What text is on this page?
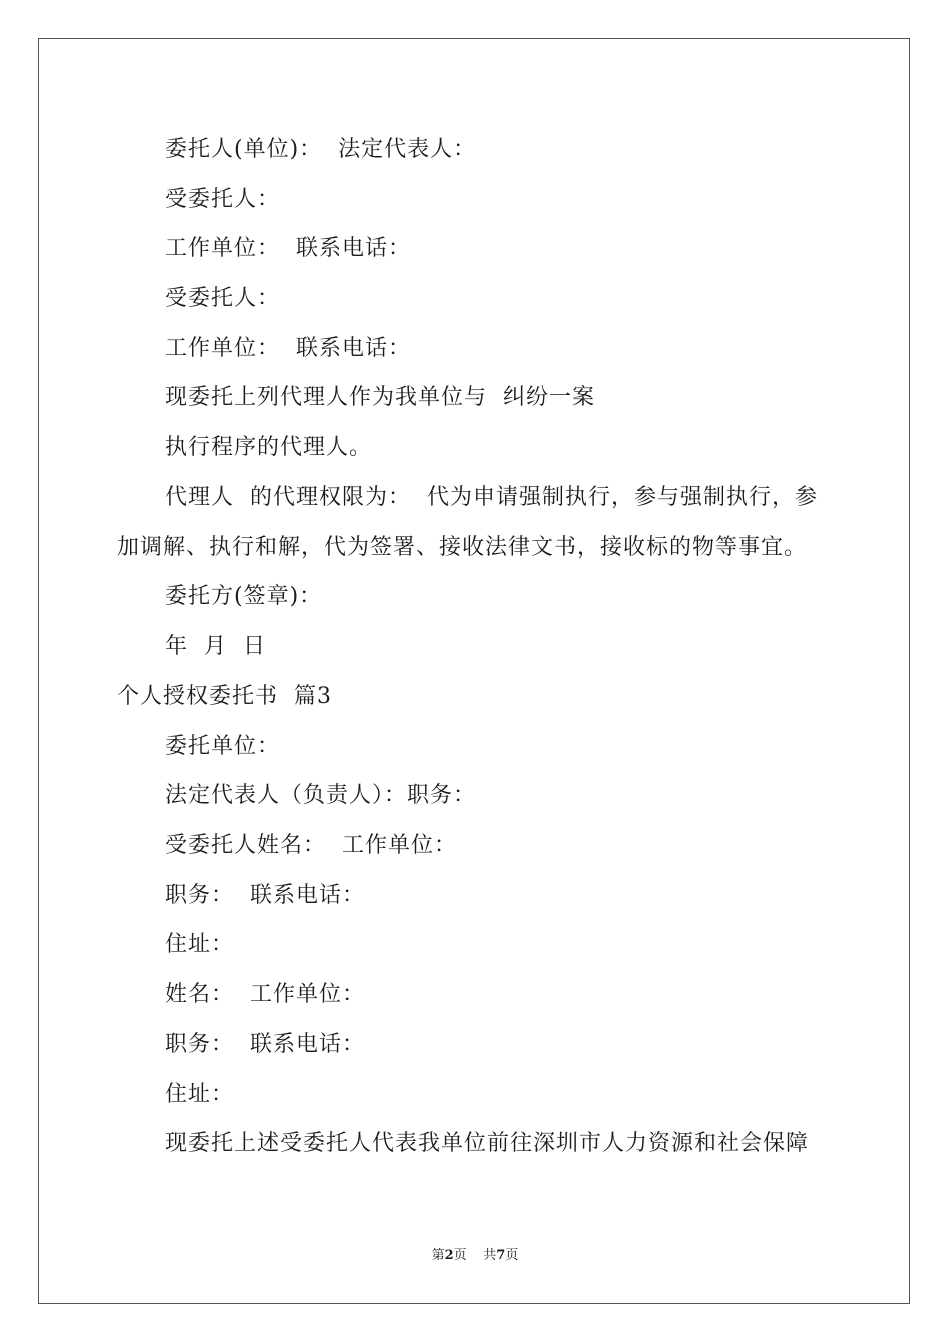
委托人(单位)：  法定代表人：
受委托人：
工作单位：  联系电话：
受委托人：
工作单位：  联系电话：
现委托上列代理人作为我单位与  纠纷一案
执行程序的代理人。
代理人  的代理权限为：  代为申请强制执行，参与强制执行，参
加调解、执行和解，代为签署、接收法律文书，接收标的物等事宜。
委托方(签章)：
年  月  日
个人授权委托书  篇3
委托单位：
法定代表人（负责人）：职务：
受委托人姓名：  工作单位：
职务：  联系电话：
住址：
姓名：  工作单位：
职务：  联系电话：
住址：
现委托上述受委托人代表我单位前往深圳市人力资源和社会保障
第2页 共7页
